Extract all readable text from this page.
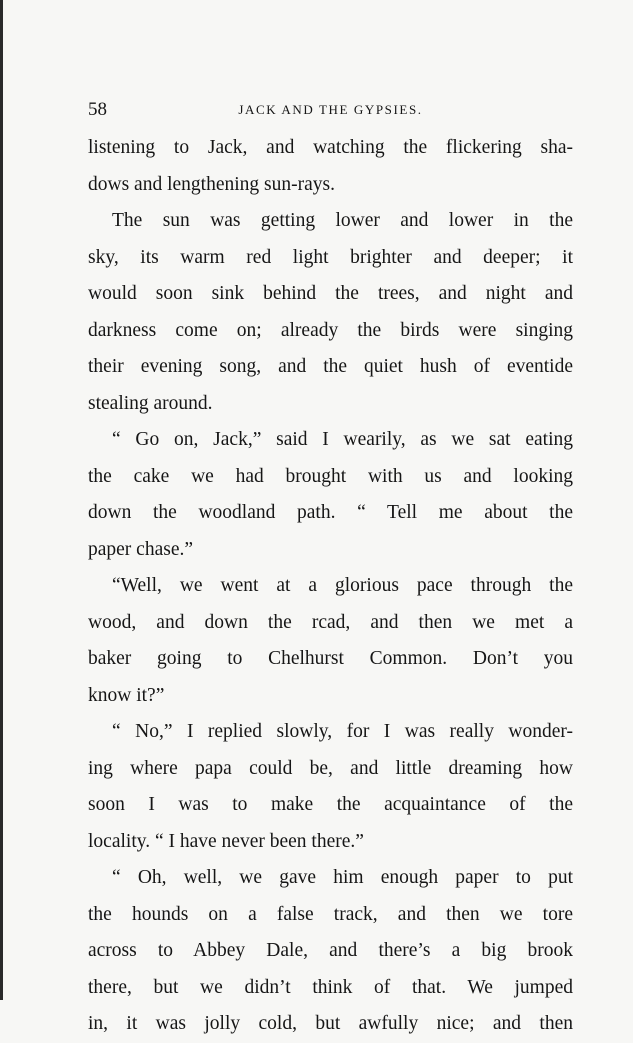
58	JACK AND THE GYPSIES.
listening to Jack, and watching the flickering sha-
dows and lengthening sun-rays.
The sun was getting lower and lower in the
sky, its warm red light brighter and deeper; it
would soon sink behind the trees, and night and
darkness come on; already the birds were singing
their evening song, and the quiet hush of eventide
stealing around.
“ Go on, Jack,” said I wearily, as we sat eating
the cake we had brought with us and looking
down the woodland path. “ Tell me about the
paper chase.”
“Well, we went at a glorious pace through the
wood, and down the rcad, and then we met a
baker going to Chelhurst Common. Don’t you
know it?”
“ No,” I replied slowly, for I was really wonder-
ing where papa could be, and little dreaming how
soon I was to make the acquaintance of the
locality. “ I have never been there.”
“ Oh, well, we gave him enough paper to put
the hounds on a false track, and then we tore
across to Abbey Dale, and there’s a big brook
there, but we didn’t think of that. We jumped
in, it was jolly cold, but awfully nice; and then
